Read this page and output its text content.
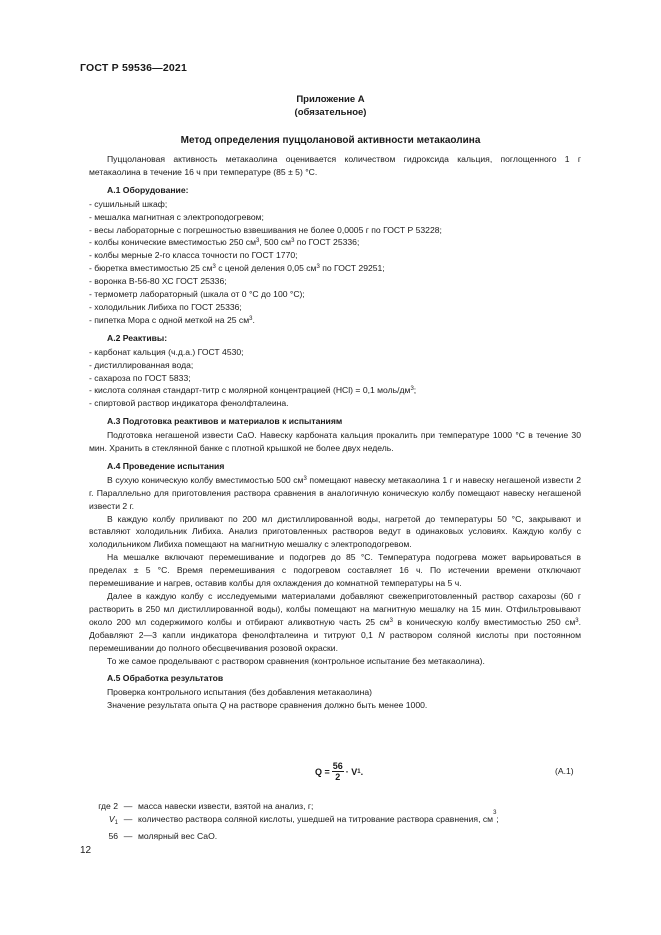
ГОСТ Р 59536—2021
Приложение А
(обязательное)
Метод определения пуццолановой активности метакаолина

Пуццолановая активность метакаолина оценивается количеством гидроксида кальция, поглощенного 1 г метакаолина в течение 16 ч при температуре (85 ± 5) °С.

А.1 Оборудование:

- сушильный шкаф;
- мешалка магнитная с электроподогревом;
- весы лабораторные с погрешностью взвешивания не более 0,0005 г по ГОСТ Р 53228;
- колбы конические вместимостью 250 $см^3$, 500 $см^3$ по ГОСТ 25336;
- колбы мерные 2-го класса точности по ГОСТ 1770;
- бюретка вместимостью 25 $см^3$ с ценой деления 0,05 $см^3$ по ГОСТ 29251;
- воронка В-56-80 ХС ГОСТ 25336;
- термометр лабораторный (шкала от 0 °С до 100 °С);
- холодильник Либиха по ГОСТ 25336;
- пипетка Мора с одной меткой на 25 $см^3$.

А.2 Реактивы:

- карбонат кальция (ч.д.а.) ГОСТ 4530;
- дистиллированная вода;
- сахароза по ГОСТ 5833;
- кислота соляная стандарт-титр с молярной концентрацией (HCl) = 0,1 моль/$дм^3$;
- спиртовой раствор индикатора фенолфталеина.

А.3 Подготовка реактивов и материалов к испытаниям

Подготовка негашеной извести СаО. Навеску карбоната кальция прокалить при температуре 1000 °С в течение 30 мин. Хранить в стеклянной банке с плотной крышкой не более двух недель.

А.4 Проведение испытания

В сухую коническую колбу вместимостью 500 $см^3$ помещают навеску метакаолина 1 г и навеску негашеной извести 2 г. Параллельно для приготовления раствора сравнения в аналогичную коническую колбу помещают навеску негашеной извести 2 г.

В каждую колбу приливают по 200 мл дистиллированной воды, нагретой до температуры 50 °С, закрывают и вставляют холодильник Либиха. Анализ приготовленных растворов ведут в одинаковых условиях. Каждую колбу с холодильником Либиха помещают на магнитную мешалку с электроподогревом.

На мешалке включают перемешивание и подогрев до 85 °С. Температура подогрева может варьироваться в пределах ± 5 °С. Время перемешивания с подогревом составляет 16 ч. По истечении времени отключают перемешивание и нагрев, оставив колбы для охлаждения до комнатной температуры на 5 ч.

Далее в каждую колбу с исследуемыми материалами добавляют свежеприготовленный раствор сахарозы (60 г растворить в 250 мл дистиллированной воды), колбы помещают на магнитную мешалку на 15 мин. Отфильтровывают около 200 мл содержимого колбы и отбирают аликвотную часть 25 $см^3$ в коническую колбу вместимостью 250 $см^3$. Добавляют 2—3 капли индикатора фенолфталеина и титруют 0,1 N раствором соляной кислоты при постоянном перемешивании до полного обесцвечивания розовой окраски.

То же самое проделывают с раствором сравнения (контрольное испытание без метакаолина).

А.5 Обработка результатов

Проверка контрольного испытания (без добавления метакаолина)

Значение результата опыта Q на растворе сравнения должно быть менее 1000.

$Q = \frac{56}{2} \cdot V$ 1 .	(А.1)
где 2 — масса навески извести, взятой на анализ, г;
$V_1$ — количество раствора соляной кислоты, ушедшей на титрование раствора сравнения, см
3
;
56 — молярный вес СаО.
12
